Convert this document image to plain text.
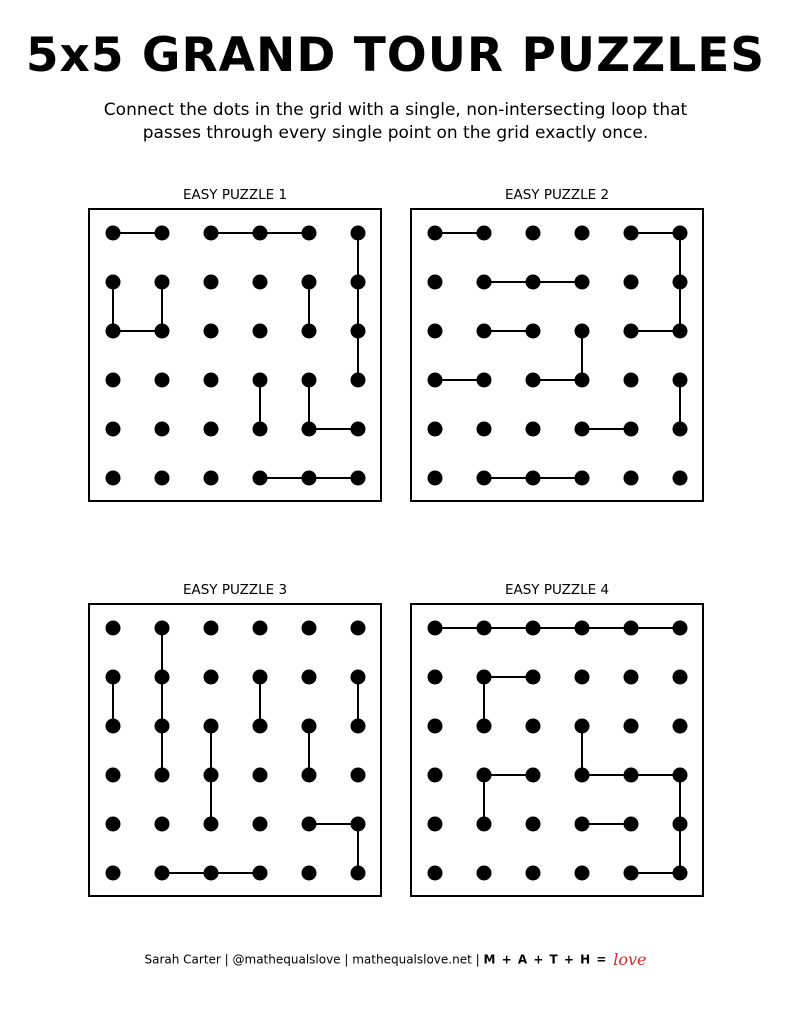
5x5 GRAND TOUR PUZZLES
Connect the dots in the grid with a single, non-intersecting loop that
passes through every single point on the grid exactly once.
EASY PUZZLE 1	EASY PUZZLE 2
EASY PUZZLE 3	EASY PUZZLE 4
Sarah Carter | @mathequalslove | mathequalslove.net | M + A + T + H = love
